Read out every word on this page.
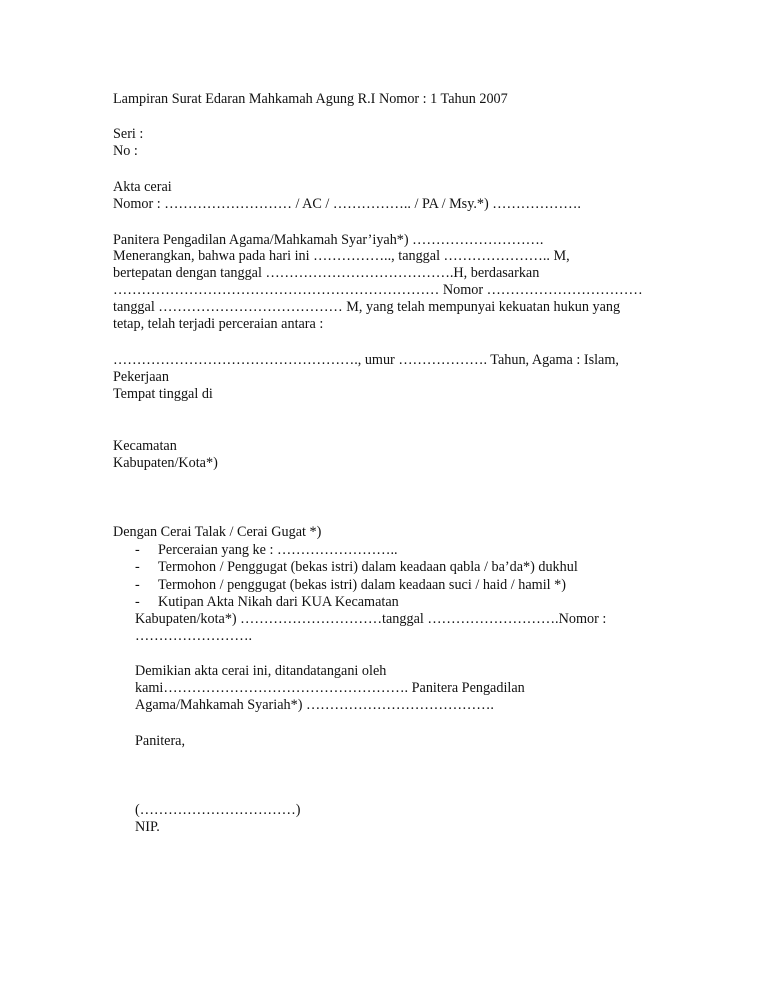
Lampiran Surat Edaran Mahkamah Agung R.I Nomor : 1 Tahun 2007
Seri :
No :
Akta cerai
Nomor : ……………………… / AC / …………….. / PA / Msy.*) ……………….
Panitera Pengadilan Agama/Mahkamah Syar’iyah*) ……………………….
Menerangkan, bahwa pada hari ini …………….., tanggal ………………….. M,
bertepatan dengan tanggal ………………………………….H, berdasarkan
…………………………………………………………… Nomor ……………………………
tanggal ………………………………… M, yang telah mempunyai kekuatan hukun yang
tetap, telah terjadi perceraian antara :
……………………………………………., umur ………………. Tahun, Agama : Islam,
Pekerjaan
Tempat tinggal di
Kecamatan
Kabupaten/Kota*)
Dengan Cerai Talak / Cerai Gugat *)
- Perceraian yang ke : ……………………..
- Termohon / Penggugat (bekas istri) dalam keadaan qabla / ba’da*) dukhul
- Termohon / penggugat (bekas istri) dalam keadaan suci / haid / hamil *)
- Kutipan Akta Nikah dari KUA Kecamatan
Kabupaten/kota*) …………………………tanggal ……………………….Nomor :
…………………….
Demikian akta cerai ini, ditandatangani oleh
kami……………………………………………. Panitera Pengadilan
Agama/Mahkamah Syariah*) ………………………………….
Panitera,
(……………………………)
NIP.
